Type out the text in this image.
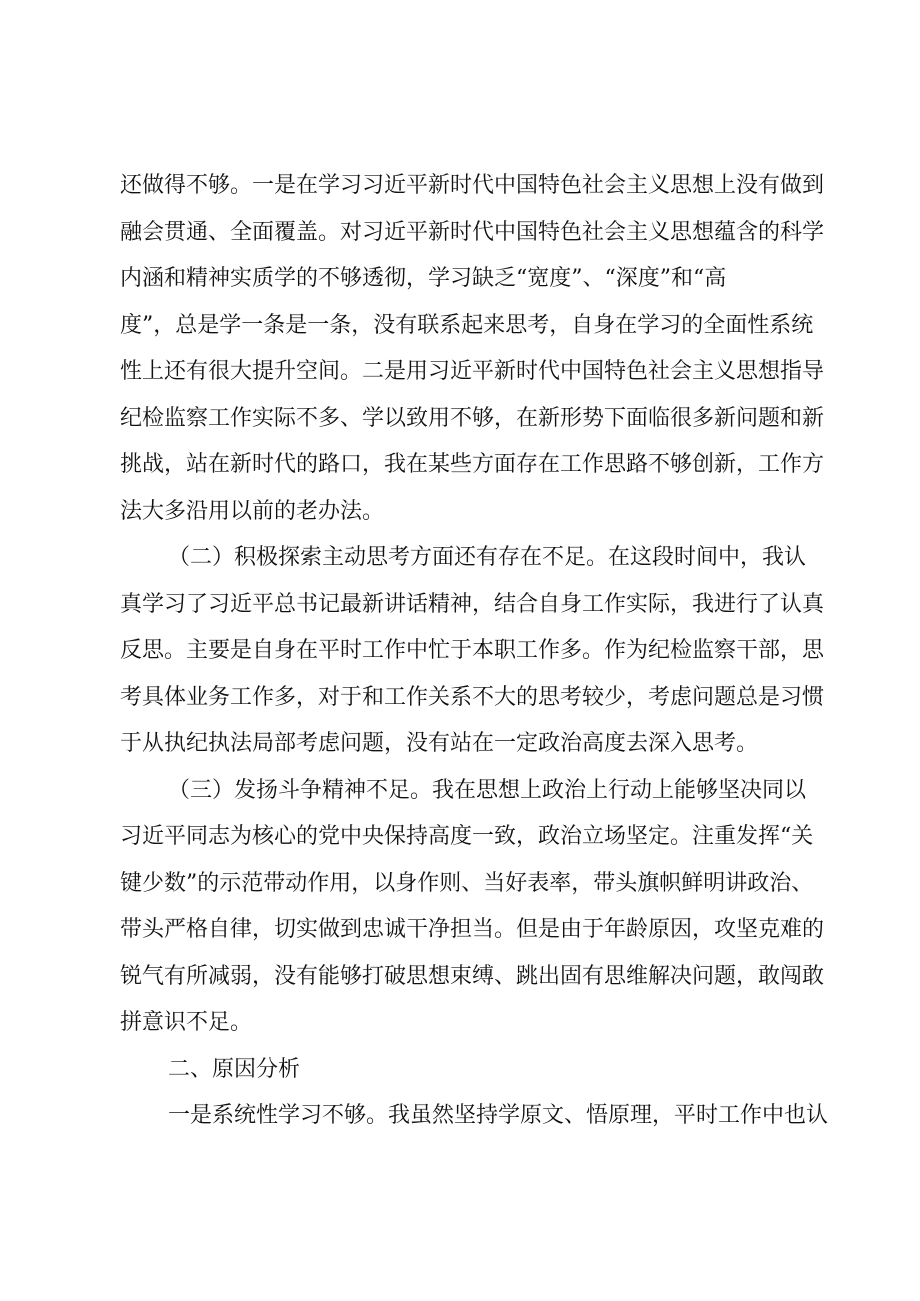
还做得不够。一是在学习习近平新时代中国特色社会主义思想上没有做到
融会贯通、全面覆盖。对习近平新时代中国特色社会主义思想蕴含的科学
内涵和精神实质学的不够透彻，学习缺乏“宽度”、“深度”和“高
度”，总是学一条是一条，没有联系起来思考，自身在学习的全面性系统
性上还有很大提升空间。二是用习近平新时代中国特色社会主义思想指导
纪检监察工作实际不多、学以致用不够，在新形势下面临很多新问题和新
挑战，站在新时代的路口，我在某些方面存在工作思路不够创新，工作方
法大多沿用以前的老办法。
（二）积极探索主动思考方面还有存在不足。在这段时间中，我认
真学习了习近平总书记最新讲话精神，结合自身工作实际，我进行了认真
反思。主要是自身在平时工作中忙于本职工作多。作为纪检监察干部，思
考具体业务工作多，对于和工作关系不大的思考较少，考虑问题总是习惯
于从执纪执法局部考虑问题，没有站在一定政治高度去深入思考。
（三）发扬斗争精神不足。我在思想上政治上行动上能够坚决同以
习近平同志为核心的党中央保持高度一致，政治立场坚定。注重发挥“关
键少数”的示范带动作用，以身作则、当好表率，带头旗帜鲜明讲政治、
带头严格自律，切实做到忠诚干净担当。但是由于年龄原因，攻坚克难的
锐气有所减弱，没有能够打破思想束缚、跳出固有思维解决问题，敢闯敢
拼意识不足。
二、原因分析
一是系统性学习不够。我虽然坚持学原文、悟原理，平时工作中也认
